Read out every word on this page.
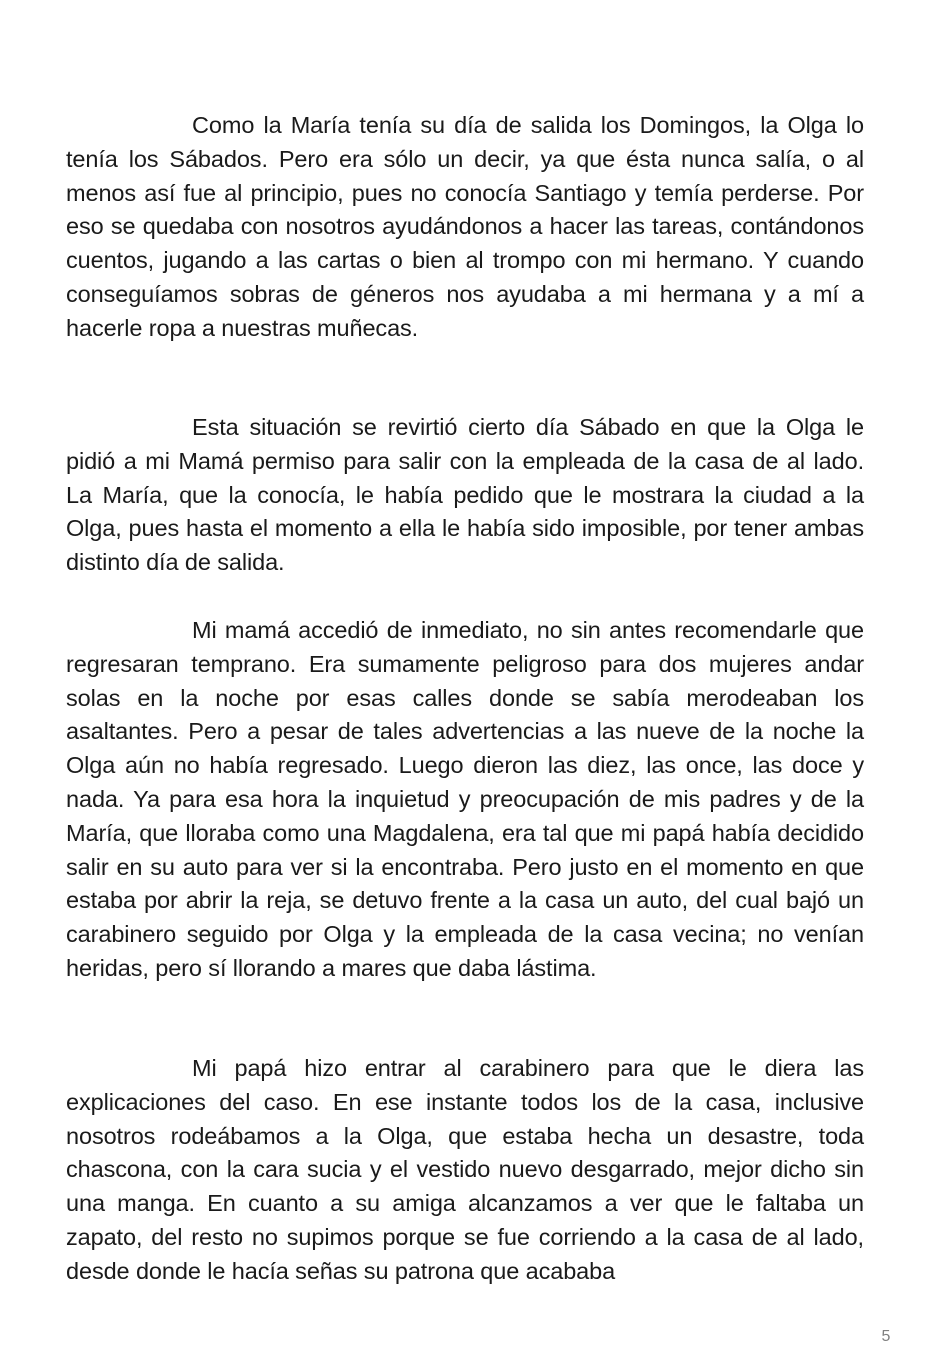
Como la María tenía su día de salida los Domingos, la Olga lo tenía los Sábados. Pero era sólo un decir, ya que ésta nunca salía, o al menos así fue al principio, pues no conocía Santiago y temía perderse. Por eso se quedaba con nosotros ayudándonos a hacer las tareas, contándonos cuentos, jugando a las cartas o bien al trompo con mi hermano. Y cuando conseguíamos sobras de géneros nos ayudaba a mi hermana y a mí a hacerle ropa a nuestras muñecas.

Esta situación se revirtió cierto día Sábado en que la Olga le pidió a mi Mamá permiso para salir con la empleada de la casa de al lado. La María, que la conocía, le había pedido que le mostrara la ciudad a la Olga, pues hasta el momento a ella le había sido imposible, por tener ambas distinto día de salida.

Mi mamá accedió de inmediato, no sin antes recomendarle que regresaran temprano. Era sumamente peligroso para dos mujeres andar solas en la noche por esas calles donde se sabía merodeaban los asaltantes. Pero a pesar de tales advertencias a las nueve de la noche la Olga aún no había regresado. Luego dieron las diez, las once, las doce y nada. Ya para esa hora la inquietud y preocupación de mis padres y de la María, que lloraba como una Magdalena, era tal que mi papá había decidido salir en su auto para ver si la encontraba. Pero justo en el momento en que estaba por abrir la reja, se detuvo frente a la casa un auto, del cual bajó un carabinero seguido por Olga y la empleada de la casa vecina; no venían heridas, pero sí llorando a mares que daba lástima.

Mi papá hizo entrar al carabinero para que le diera las explicaciones del caso. En ese instante todos los de la casa, inclusive nosotros rodeábamos a la Olga, que estaba hecha un desastre, toda chascona, con la cara sucia y el vestido nuevo desgarrado, mejor dicho sin una manga. En cuanto a su amiga alcanzamos a ver que le faltaba un zapato, del resto no supimos porque se fue corriendo a la casa de al lado, desde donde le hacía señas su patrona que acababa

5
